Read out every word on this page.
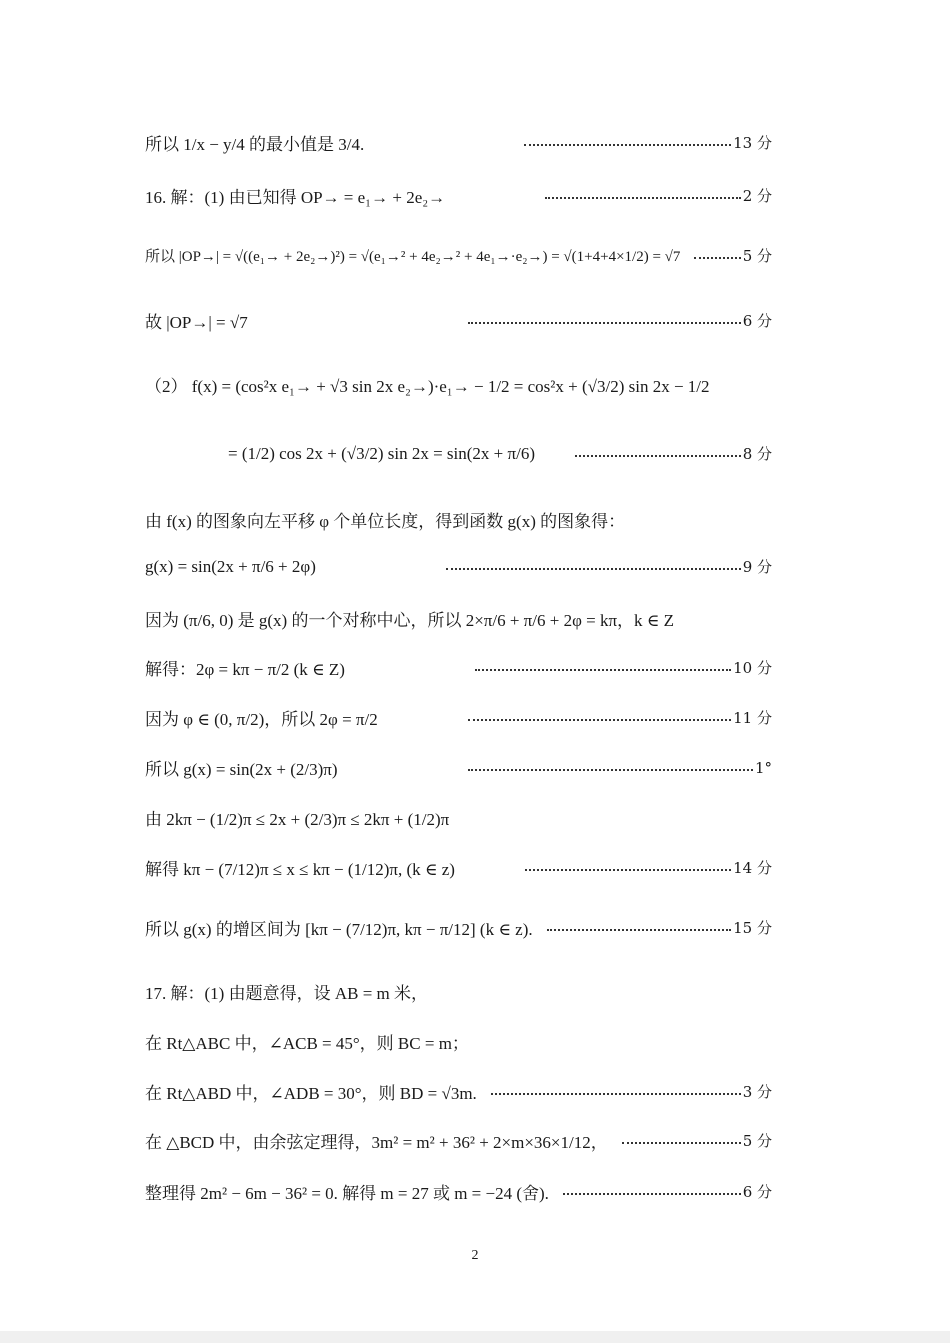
所以 1/x − y/4 的最小值是 3/4.	13 分
16. 解：(1) 由已知得 OP→ = e₁→ + 2e₂→	2 分
所以 |OP→| = √((e₁→ + 2e₂→)²) = √(e₁→² + 4e₂→² + 4e₁→·e₂→) = √(1+4+4×1/2) = √7	5 分
故 |OP→| = √7	6 分
（2） f(x) = (cos²x e₁→ + √3 sin 2x e₂→)·e₁→ − 1/2 = cos²x + (√3/2) sin 2x − 1/2
= (1/2) cos 2x + (√3/2) sin 2x = sin(2x + π/6)	8 分
由 f(x) 的图象向左平移 φ 个单位长度，得到函数 g(x) 的图象得：
g(x) = sin(2x + π/6 + 2φ)	9 分
因为 (π/6, 0) 是 g(x) 的一个对称中心，所以 2×π/6 + π/6 + 2φ = kπ，k ∈ Z
解得：2φ = kπ − π/2 (k ∈ Z)	10 分
因为 φ ∈ (0, π/2)，所以 2φ = π/2	11 分
所以 g(x) = sin(2x + (2/3)π)	1°
由 2kπ − (1/2)π ≤ 2x + (2/3)π ≤ 2kπ + (1/2)π
解得 kπ − (7/12)π ≤ x ≤ kπ − (1/12)π, (k ∈ z)	14 分
所以 g(x) 的增区间为 [kπ − (7/12)π, kπ − π/12] (k ∈ z).	15 分
17. 解：(1) 由题意得，设 AB = m 米，
在 Rt△ABC 中，∠ACB = 45°，则 BC = m；
在 Rt△ABD 中，∠ADB = 30°，则 BD = √3m.	3 分
在 △BCD 中，由余弦定理得，3m² = m² + 36² + 2×m×36×1/12，	5 分
整理得 2m² − 6m − 36² = 0. 解得 m = 27 或 m = −24 (舍).	6 分
2
